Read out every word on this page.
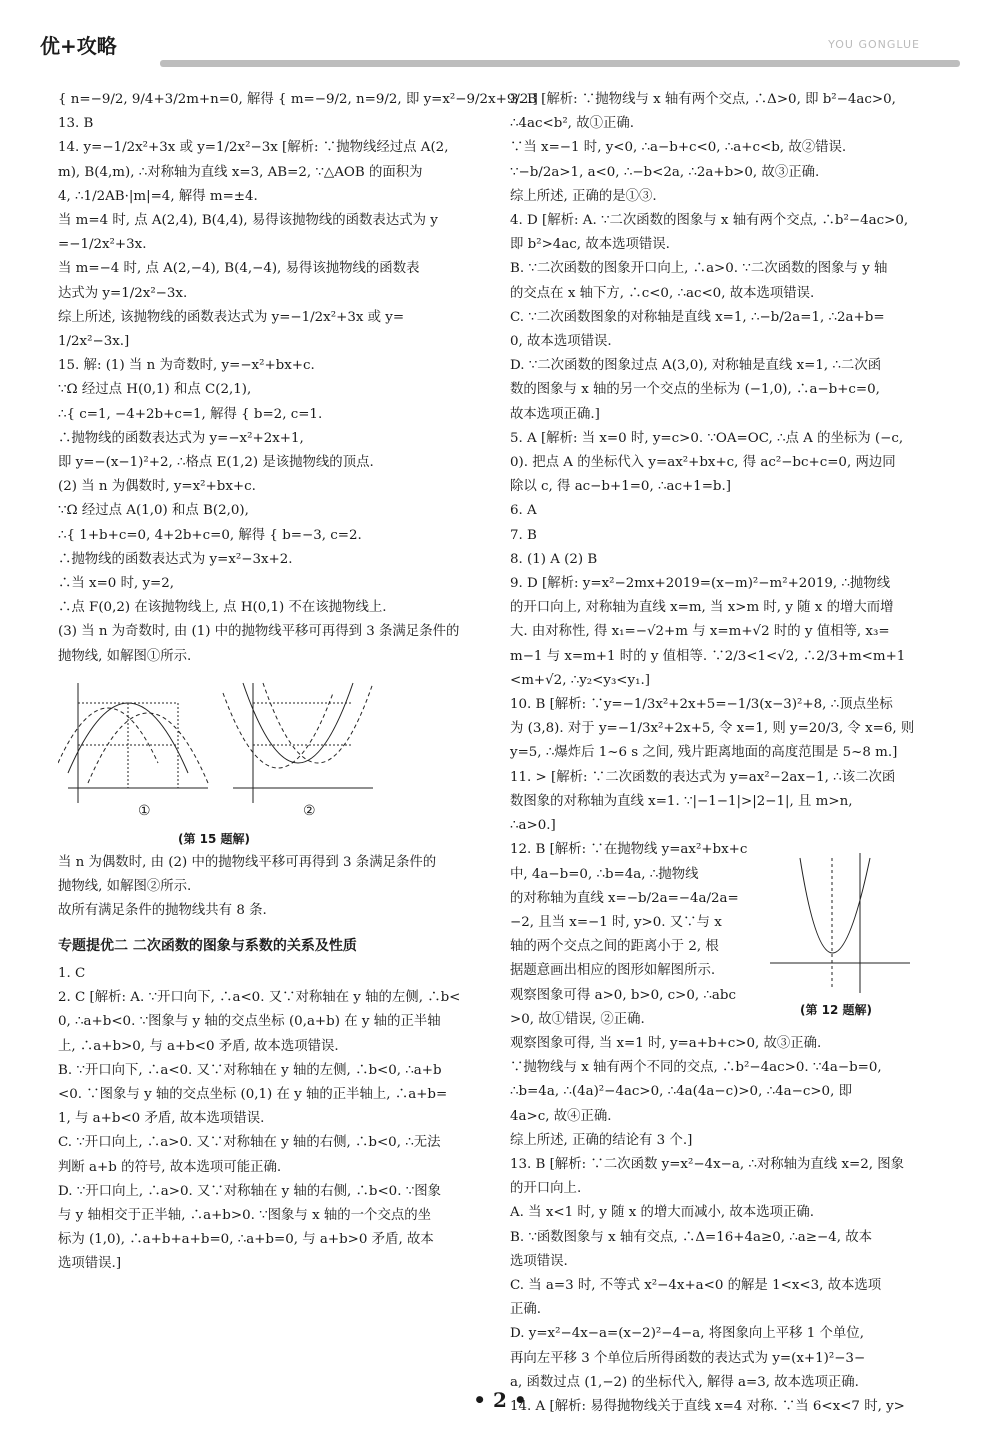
优+攻略	YOU GONGLUE

{ n=−9/2, 9/4+3/2m+n=0, 解得 { m=−9/2, n=9/2, 即 y=x²−9/2x+9/2.]

13. B

14. y=−1/2x²+3x 或 y=1/2x²−3x [解析: ∵抛物线经过点 A(2,

m), B(4,m), ∴对称轴为直线 x=3, AB=2, ∵△AOB 的面积为

4, ∴1/2AB·|m|=4, 解得 m=±4.

当 m=4 时, 点 A(2,4), B(4,4), 易得该抛物线的函数表达式为 y

=−1/2x²+3x.

当 m=−4 时, 点 A(2,−4), B(4,−4), 易得该抛物线的函数表

达式为 y=1/2x²−3x.

综上所述, 该抛物线的函数表达式为 y=−1/2x²+3x 或 y=

1/2x²−3x.]

15. 解: (1) 当 n 为奇数时, y=−x²+bx+c.

∵Ω 经过点 H(0,1) 和点 C(2,1),

∴{ c=1, −4+2b+c=1, 解得 { b=2, c=1.

∴抛物线的函数表达式为 y=−x²+2x+1,

即 y=−(x−1)²+2, ∴格点 E(1,2) 是该抛物线的顶点.

(2) 当 n 为偶数时, y=x²+bx+c.

∵Ω 经过点 A(1,0) 和点 B(2,0),

∴{ 1+b+c=0, 4+2b+c=0, 解得 { b=−3, c=2.

∴抛物线的函数表达式为 y=x²−3x+2.

∴当 x=0 时, y=2,

∴点 F(0,2) 在该抛物线上, 点 H(0,1) 不在该抛物线上.

(3) 当 n 为奇数时, 由 (1) 中的抛物线平移可再得到 3 条满足条件的

抛物线, 如解图①所示.

①	②

(第 15 题解)

当 n 为偶数时, 由 (2) 中的抛物线平移可再得到 3 条满足条件的

抛物线, 如解图②所示.

故所有满足条件的抛物线共有 8 条.

专题提优二 二次函数的图象与系数的关系及性质

1. C

2. C [解析: A. ∵开口向下, ∴a<0. 又∵对称轴在 y 轴的左侧, ∴b<

0, ∴a+b<0. ∵图象与 y 轴的交点坐标 (0,a+b) 在 y 轴的正半轴

上, ∴a+b>0, 与 a+b<0 矛盾, 故本选项错误.

B. ∵开口向下, ∴a<0. 又∵对称轴在 y 轴的左侧, ∴b<0, ∴a+b

<0. ∵图象与 y 轴的交点坐标 (0,1) 在 y 轴的正半轴上, ∴a+b=

1, 与 a+b<0 矛盾, 故本选项错误.

C. ∵开口向上, ∴a>0. 又∵对称轴在 y 轴的右侧, ∴b<0, ∴无法

判断 a+b 的符号, 故本选项可能正确.

D. ∵开口向上, ∴a>0. 又∵对称轴在 y 轴的右侧, ∴b<0. ∵图象

与 y 轴相交于正半轴, ∴a+b>0. ∵图象与 x 轴的一个交点的坐

标为 (1,0), ∴a+b+a+b=0, ∴a+b=0, 与 a+b>0 矛盾, 故本

选项错误.]

3. B [解析: ∵抛物线与 x 轴有两个交点, ∴Δ>0, 即 b²−4ac>0,

∴4ac<b², 故①正确.

∵当 x=−1 时, y<0, ∴a−b+c<0, ∴a+c<b, 故②错误.

∵−b/2a>1, a<0, ∴−b<2a, ∴2a+b>0, 故③正确.

综上所述, 正确的是①③.

4. D [解析: A. ∵二次函数的图象与 x 轴有两个交点, ∴b²−4ac>0,

即 b²>4ac, 故本选项错误.

B. ∵二次函数的图象开口向上, ∴a>0. ∵二次函数的图象与 y 轴

的交点在 x 轴下方, ∴c<0, ∴ac<0, 故本选项错误.

C. ∵二次函数图象的对称轴是直线 x=1, ∴−b/2a=1, ∴2a+b=

0, 故本选项错误.

D. ∵二次函数的图象过点 A(3,0), 对称轴是直线 x=1, ∴二次函

数的图象与 x 轴的另一个交点的坐标为 (−1,0), ∴a−b+c=0,

故本选项正确.]

5. A [解析: 当 x=0 时, y=c>0. ∵OA=OC, ∴点 A 的坐标为 (−c,

0). 把点 A 的坐标代入 y=ax²+bx+c, 得 ac²−bc+c=0, 两边同

除以 c, 得 ac−b+1=0, ∴ac+1=b.]

6. A

7. B

8. (1) A (2) B

9. D [解析: y=x²−2mx+2019=(x−m)²−m²+2019, ∴抛物线

的开口向上, 对称轴为直线 x=m, 当 x>m 时, y 随 x 的增大而增

大. 由对称性, 得 x₁=−√2+m 与 x=m+√2 时的 y 值相等, x₃=

m−1 与 x=m+1 时的 y 值相等. ∵2/3<1<√2, ∴2/3+m<m+1

<m+√2, ∴y₂<y₃<y₁.]

10. B [解析: ∵y=−1/3x²+2x+5=−1/3(x−3)²+8, ∴顶点坐标

为 (3,8). 对于 y=−1/3x²+2x+5, 令 x=1, 则 y=20/3, 令 x=6, 则

y=5, ∴爆炸后 1~6 s 之间, 残片距离地面的高度范围是 5~8 m.]

11. > [解析: ∵二次函数的表达式为 y=ax²−2ax−1, ∴该二次函

数图象的对称轴为直线 x=1. ∵|−1−1|>|2−1|, 且 m>n,

∴a>0.]

12. B [解析: ∵在抛物线 y=ax²+bx+c

中, 4a−b=0, ∴b=4a, ∴抛物线

的对称轴为直线 x=−b/2a=−4a/2a=

−2, 且当 x=−1 时, y>0. 又∵与 x

轴的两个交点之间的距离小于 2, 根

据题意画出相应的图形如解图所示.

观察图象可得 a>0, b>0, c>0, ∴abc

>0, 故①错误, ②正确.

观察图象可得, 当 x=1 时, y=a+b+c>0, 故③正确.

∵抛物线与 x 轴有两个不同的交点, ∴b²−4ac>0. ∵4a−b=0,

∴b=4a, ∴(4a)²−4ac>0, ∴4a(4a−c)>0, ∴4a−c>0, 即

4a>c, 故④正确.

综上所述, 正确的结论有 3 个.]

13. B [解析: ∵二次函数 y=x²−4x−a, ∴对称轴为直线 x=2, 图象

的开口向上.

A. 当 x<1 时, y 随 x 的增大而减小, 故本选项正确.

B. ∵函数图象与 x 轴有交点, ∴Δ=16+4a≥0, ∴a≥−4, 故本

选项错误.

C. 当 a=3 时, 不等式 x²−4x+a<0 的解是 1<x<3, 故本选项

正确.

D. y=x²−4x−a=(x−2)²−4−a, 将图象向上平移 1 个单位,

再向左平移 3 个单位后所得函数的表达式为 y=(x+1)²−3−

a, 函数过点 (1,−2) 的坐标代入, 解得 a=3, 故本选项正确.

14. A [解析: 易得抛物线关于直线 x=4 对称. ∵当 6<x<7 时, y>

(第 12 题解)

• 2 •
